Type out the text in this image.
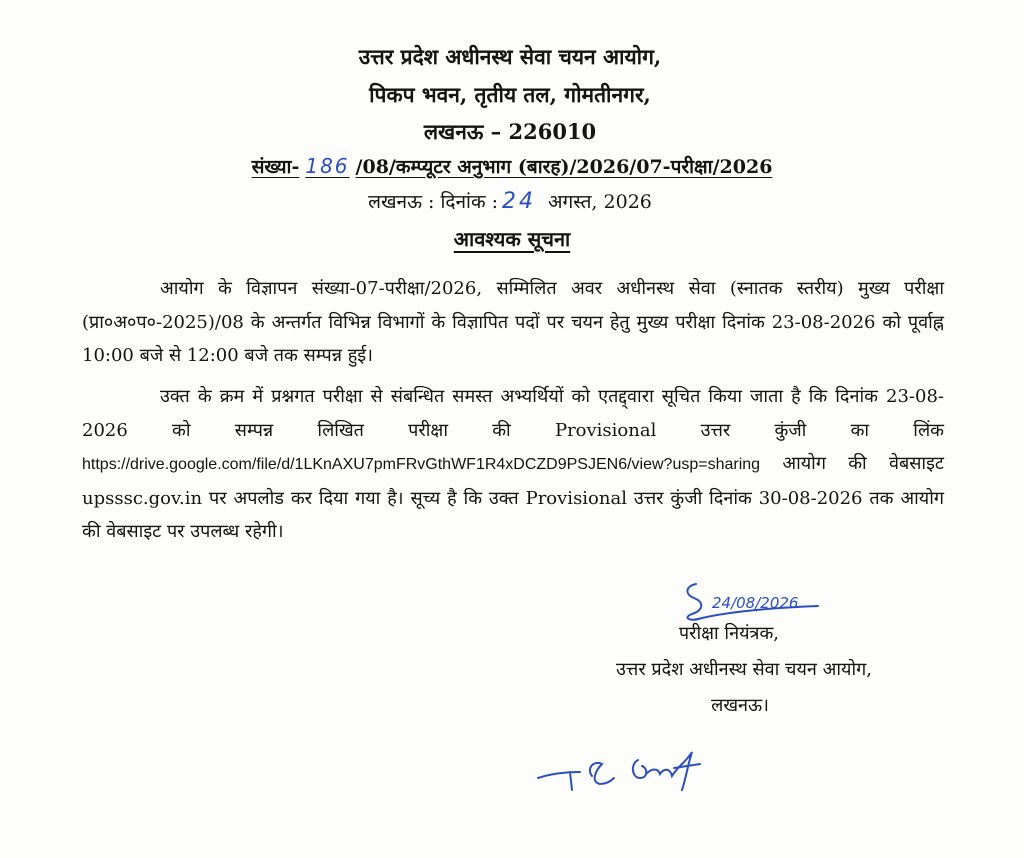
उत्तर प्रदेश अधीनस्थ सेवा चयन आयोग,
पिकप भवन, तृतीय तल, गोमतीनगर,
लखनऊ – 226010
संख्या- 186 /08/कम्प्यूटर अनुभाग (बारह)/2026/07-परीक्षा/2026
लखनऊ : दिनांक : 24 अगस्त, 2026
आवश्यक सूचना
आयोग के विज्ञापन संख्या-07-परीक्षा/2026, सम्मिलित अवर अधीनस्थ सेवा (स्नातक स्तरीय) मुख्य परीक्षा (प्रा०अ०प०-2025)/08 के अन्तर्गत विभिन्न विभागों के विज्ञापित पदों पर चयन हेतु मुख्य परीक्षा दिनांक 23-08-2026 को पूर्वाह्न 10:00 बजे से 12:00 बजे तक सम्पन्न हुई।
उक्त के क्रम में प्रश्नगत परीक्षा से संबन्धित समस्त अभ्यर्थियों को एतद्द्वारा सूचित किया जाता है कि दिनांक 23-08-2026 को सम्पन्न लिखित परीक्षा की Provisional उत्तर कुंजी का लिंक https://drive.google.com/file/d/1LKnAXU7pmFRvGthWF1R4xDCZD9PSJEN6/view?usp=sharing आयोग की वेबसाइट upsssc.gov.in पर अपलोड कर दिया गया है। सूच्य है कि उक्त Provisional उत्तर कुंजी दिनांक 30-08-2026 तक आयोग की वेबसाइट पर उपलब्ध रहेगी।
24/08/2026
परीक्षा नियंत्रक,
उत्तर प्रदेश अधीनस्थ सेवा चयन आयोग,
लखनऊ।
